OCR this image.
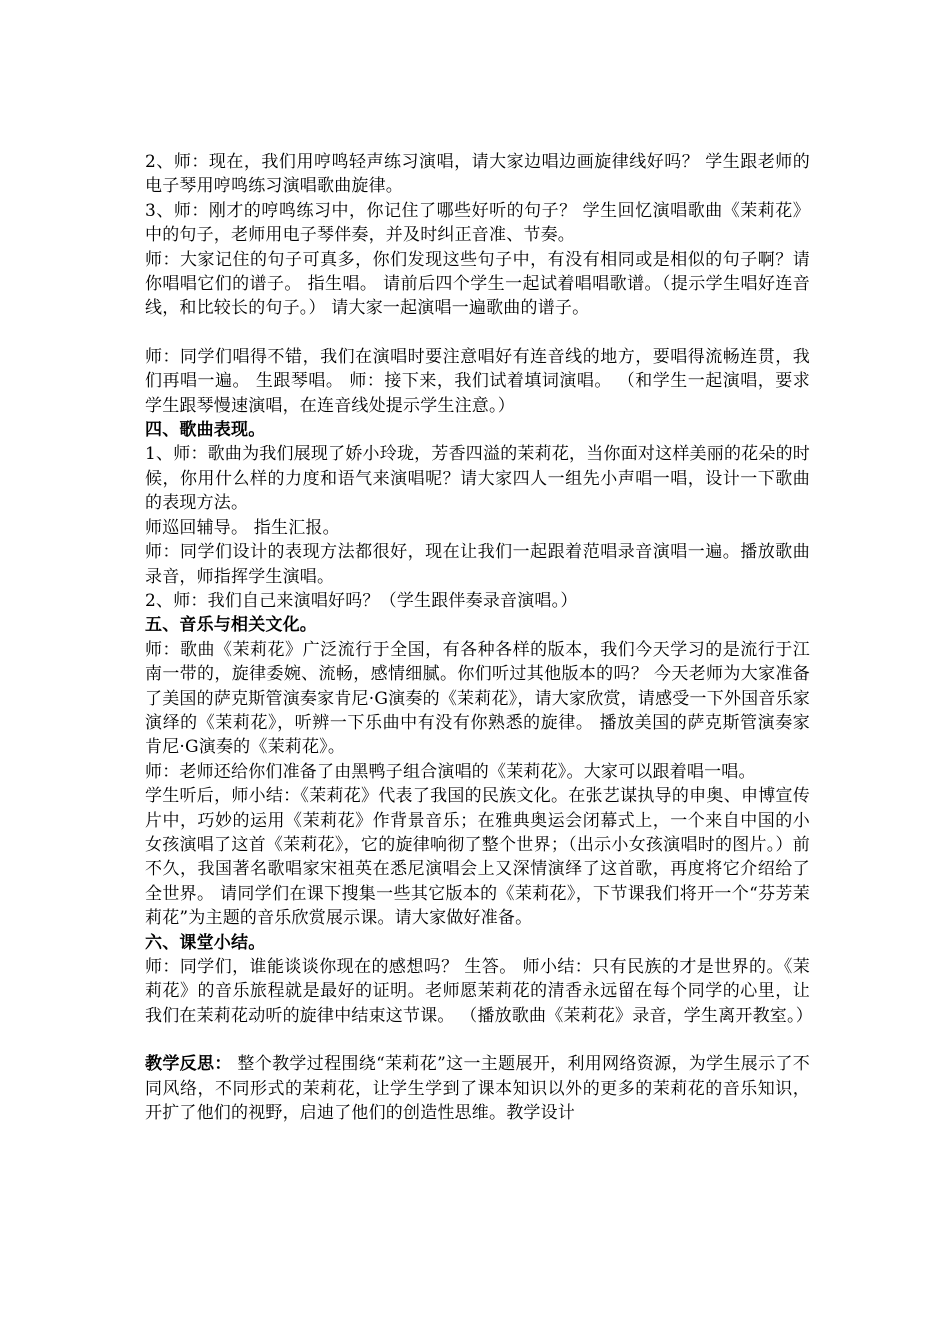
2、师：现在，我们用哼鸣轻声练习演唱，请大家边唱边画旋律线好吗？ 学生跟老师的电子琴用哼鸣练习演唱歌曲旋律。

3、师：刚才的哼鸣练习中，你记住了哪些好听的句子？ 学生回忆演唱歌曲《茉莉花》中的句子，老师用电子琴伴奏，并及时纠正音准、节奏。

师：大家记住的句子可真多，你们发现这些句子中，有没有相同或是相似的句子啊？请你唱唱它们的谱子。 指生唱。 请前后四个学生一起试着唱唱歌谱。（提示学生唱好连音线，和比较长的句子。） 请大家一起演唱一遍歌曲的谱子。

师：同学们唱得不错，我们在演唱时要注意唱好有连音线的地方，要唱得流畅连贯，我们再唱一遍。 生跟琴唱。 师：接下来，我们试着填词演唱。 （和学生一起演唱，要求学生跟琴慢速演唱，在连音线处提示学生注意。）

四、歌曲表现。

1、师：歌曲为我们展现了娇小玲珑，芳香四溢的茉莉花，当你面对这样美丽的花朵的时候，你用什么样的力度和语气来演唱呢？请大家四人一组先小声唱一唱，设计一下歌曲的表现方法。

师巡回辅导。 指生汇报。

师：同学们设计的表现方法都很好，现在让我们一起跟着范唱录音演唱一遍。播放歌曲录音，师指挥学生演唱。

2、师：我们自己来演唱好吗？（学生跟伴奏录音演唱。）

五、音乐与相关文化。

师：歌曲《茉莉花》广泛流行于全国，有各种各样的版本，我们今天学习的是流行于江南一带的，旋律委婉、流畅，感情细腻。你们听过其他版本的吗？ 今天老师为大家准备了美国的萨克斯管演奏家肯尼·G演奏的《茉莉花》，请大家欣赏，请感受一下外国音乐家演绎的《茉莉花》，听辨一下乐曲中有没有你熟悉的旋律。 播放美国的萨克斯管演奏家肯尼·G演奏的《茉莉花》。

师：老师还给你们准备了由黑鸭子组合演唱的《茉莉花》。大家可以跟着唱一唱。

学生听后，师小结：《茉莉花》代表了我国的民族文化。在张艺谋执导的申奥、申博宣传片中，巧妙的运用《茉莉花》作背景音乐；在雅典奥运会闭幕式上，一个来自中国的小女孩演唱了这首《茉莉花》，它的旋律响彻了整个世界；（出示小女孩演唱时的图片。）前不久，我国著名歌唱家宋祖英在悉尼演唱会上又深情演绎了这首歌，再度将它介绍给了全世界。 请同学们在课下搜集一些其它版本的《茉莉花》，下节课我们将开一个“芬芳茉莉花”为主题的音乐欣赏展示课。请大家做好准备。

六、课堂小结。

师：同学们，谁能谈谈你现在的感想吗？ 生答。 师小结：只有民族的才是世界的。《茉莉花》的音乐旅程就是最好的证明。老师愿茉莉花的清香永远留在每个同学的心里，让我们在茉莉花动听的旋律中结束这节课。 （播放歌曲《茉莉花》录音，学生离开教室。）

教学反思： 整个教学过程围绕“茉莉花”这一主题展开，利用网络资源，为学生展示了不同风络，不同形式的茉莉花，让学生学到了课本知识以外的更多的茉莉花的音乐知识，开扩了他们的视野，启迪了他们的创造性思维。教学设计
